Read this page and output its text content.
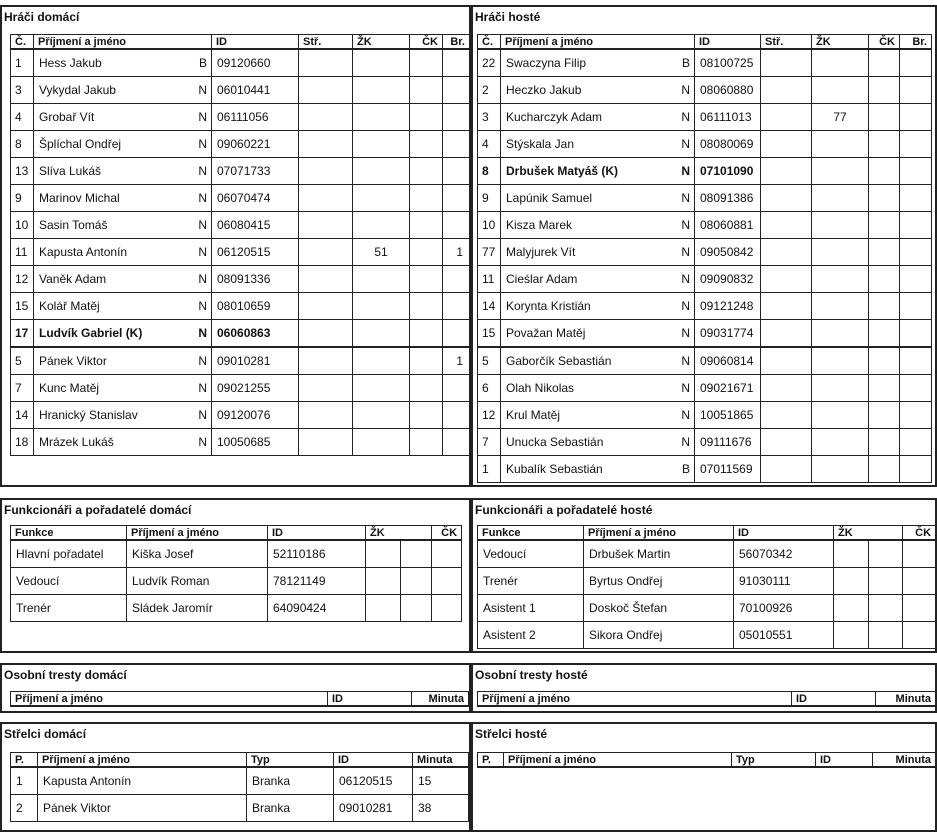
Hráči domácí
Č.	Příjmení a jméno	ID	Stř.	ŽK	ČK	Br.
1	Hess Jakub B	09120660				
3	Vykydal Jakub N	06010441				
4	Grobař Vít N	06111056				
8	Šplíchal Ondřej N	09060221				
13	Slíva Lukáš N	07071733				
9	Marinov Michal N	06070474				
10	Sasin Tomáš N	06080415				
11	Kapusta Antonín N	06120515		51		1
12	Vaněk Adam N	08091336				
15	Kolář Matěj N	08010659				
17	Ludvík Gabriel (K) N	06060863				
5	Pánek Viktor N	09010281				1
7	Kunc Matěj N	09021255				
14	Hranický Stanislav N	09120076				
18	Mrázek Lukáš N	10050685				
Hráči hosté
Č.	Příjmení a jméno	ID	Stř.	ŽK	ČK	Br.
22	Swaczyna Filip B	08100725				
2	Heczko Jakub N	08060880				
3	Kucharczyk Adam N	06111013		77		
4	Stýskala Jan N	08080069				
8	Drbušek Matyáš (K) N	07101090				
9	Lapúnik Samuel N	08091386				
10	Kisza Marek N	08060881				
77	Malyjurek Vít N	09050842				
11	Cieślar Adam N	09090832				
14	Korynta Kristián N	09121248				
15	Považan Matěj N	09031774				
5	Gaborčík Sebastián N	09060814				
6	Olah Nikolas N	09021671				
12	Krul Matěj N	10051865				
7	Unucka Sebastián N	09111676				
1	Kubalík Sebastián B	07011569				
Funkcionáři a pořadatelé domácí
Funkce	Příjmení a jméno	ID	ŽK		ČK
Hlavní pořadatel	Kiška Josef	52110186			
Vedoucí	Ludvík Roman	78121149			
Trenér	Sládek Jaromír	64090424			
Funkcionáři a pořadatelé hosté
Funkce	Příjmení a jméno	ID	ŽK		ČK
Vedoucí	Drbušek Martin	56070342			
Trenér	Byrtus Ondřej	91030111			
Asistent 1	Doskoč Štefan	70100926			
Asistent 2	Sikora Ondřej	05010551			
Osobní tresty domácí
Příjmení a jméno	ID	Minuta
Osobní tresty hosté
Příjmení a jméno	ID	Minuta
Střelci domácí
P.	Příjmení a jméno	Typ	ID	Minuta
1	Kapusta Antonín	Branka	06120515	15
2	Pánek Viktor	Branka	09010281	38
Střelci hosté
P.	Příjmení a jméno	Typ	ID	Minuta
